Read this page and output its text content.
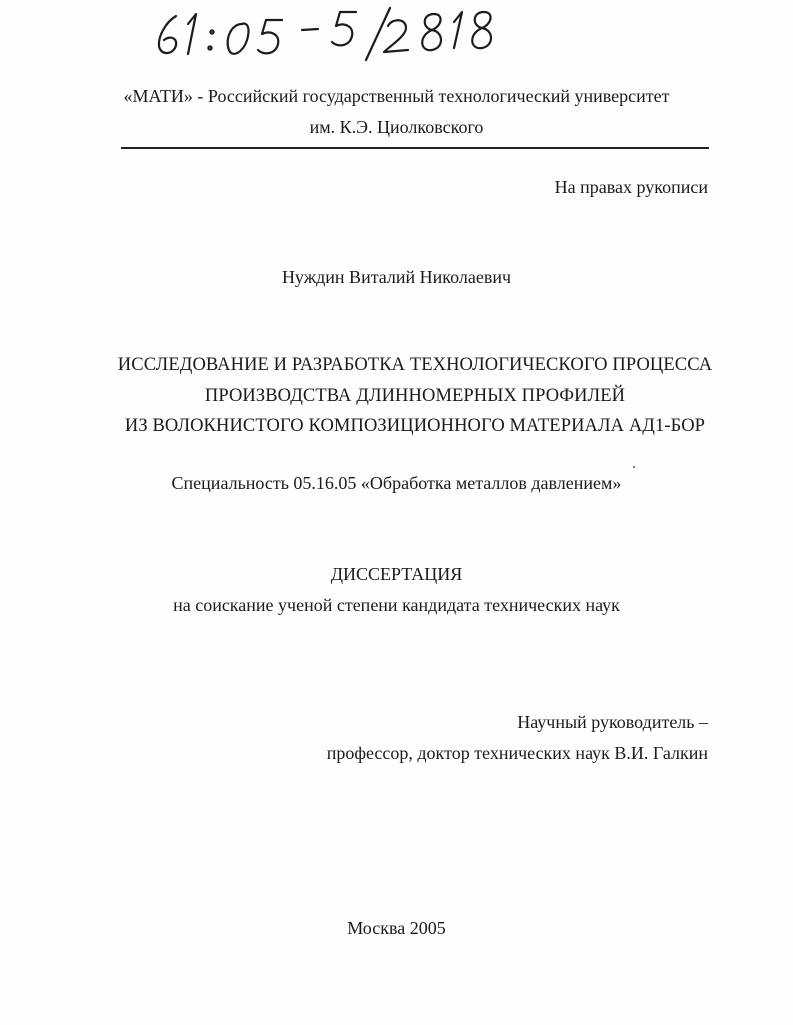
«МАТИ» - Российский государственный технологический университет
им. К.Э. Циолковского
На правах рукописи
Нуждин Виталий Николаевич
ИССЛЕДОВАНИЕ И РАЗРАБОТКА ТЕХНОЛОГИЧЕСКОГО ПРОЦЕССА
ПРОИЗВОДСТВА ДЛИННОМЕРНЫХ ПРОФИЛЕЙ
ИЗ ВОЛОКНИСТОГО КОМПОЗИЦИОННОГО МАТЕРИАЛА АД1-БОР
Специальность 05.16.05 «Обработка металлов давлением»
ДИССЕРТАЦИЯ
на соискание ученой степени кандидата технических наук
Научный руководитель –
профессор, доктор технических наук В.И. Галкин
Москва 2005
